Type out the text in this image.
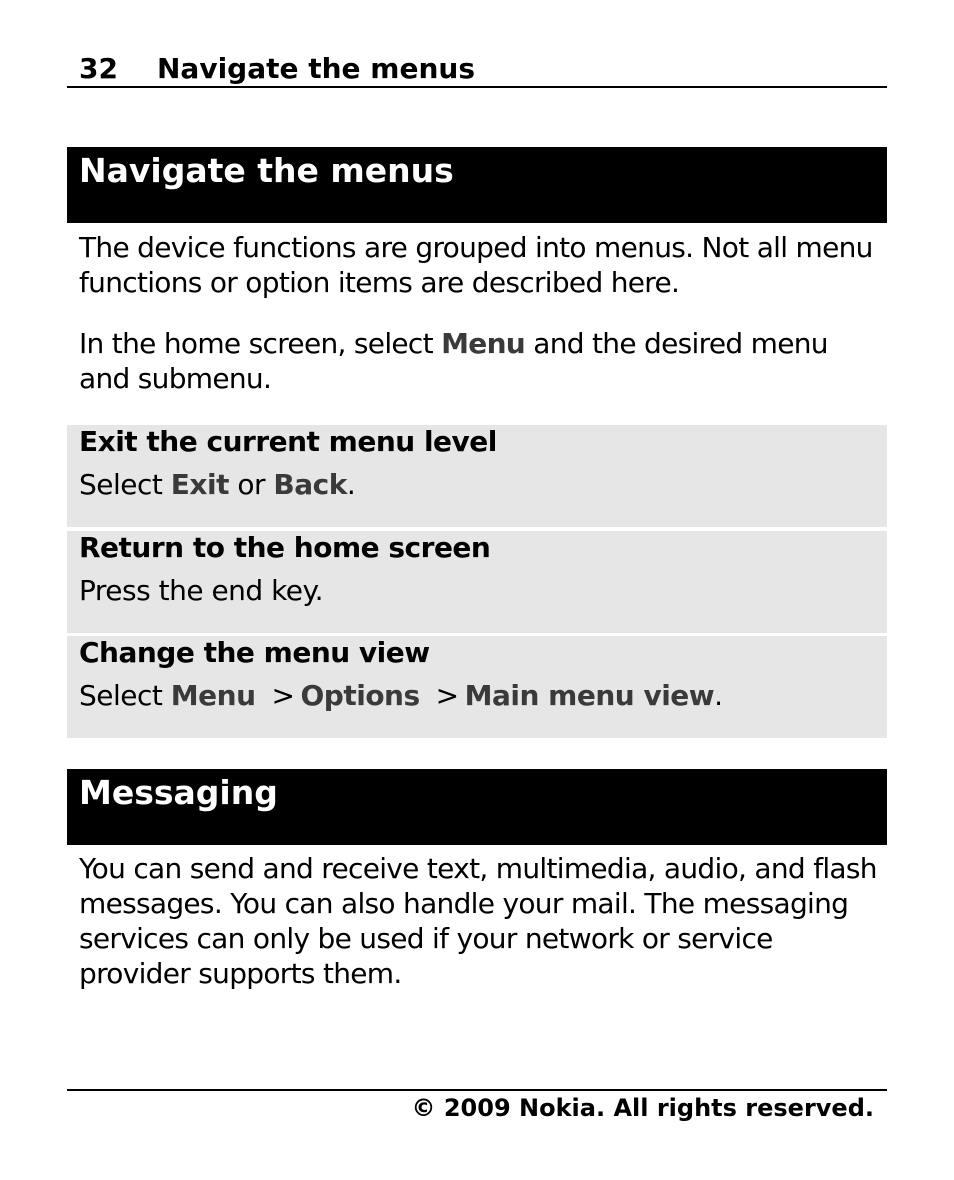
32 Navigate the menus
Navigate the menus
The device functions are grouped into menus. Not all menu functions or option items are described here.
In the home screen, select Menu and the desired menu and submenu.
Exit the current menu level
Select Exit or Back.
Return to the home screen
Press the end key.
Change the menu view
Select Menu > Options > Main menu view.
Messaging
You can send and receive text, multimedia, audio, and flash messages. You can also handle your mail. The messaging services can only be used if your network or service provider supports them.
© 2009 Nokia. All rights reserved.
